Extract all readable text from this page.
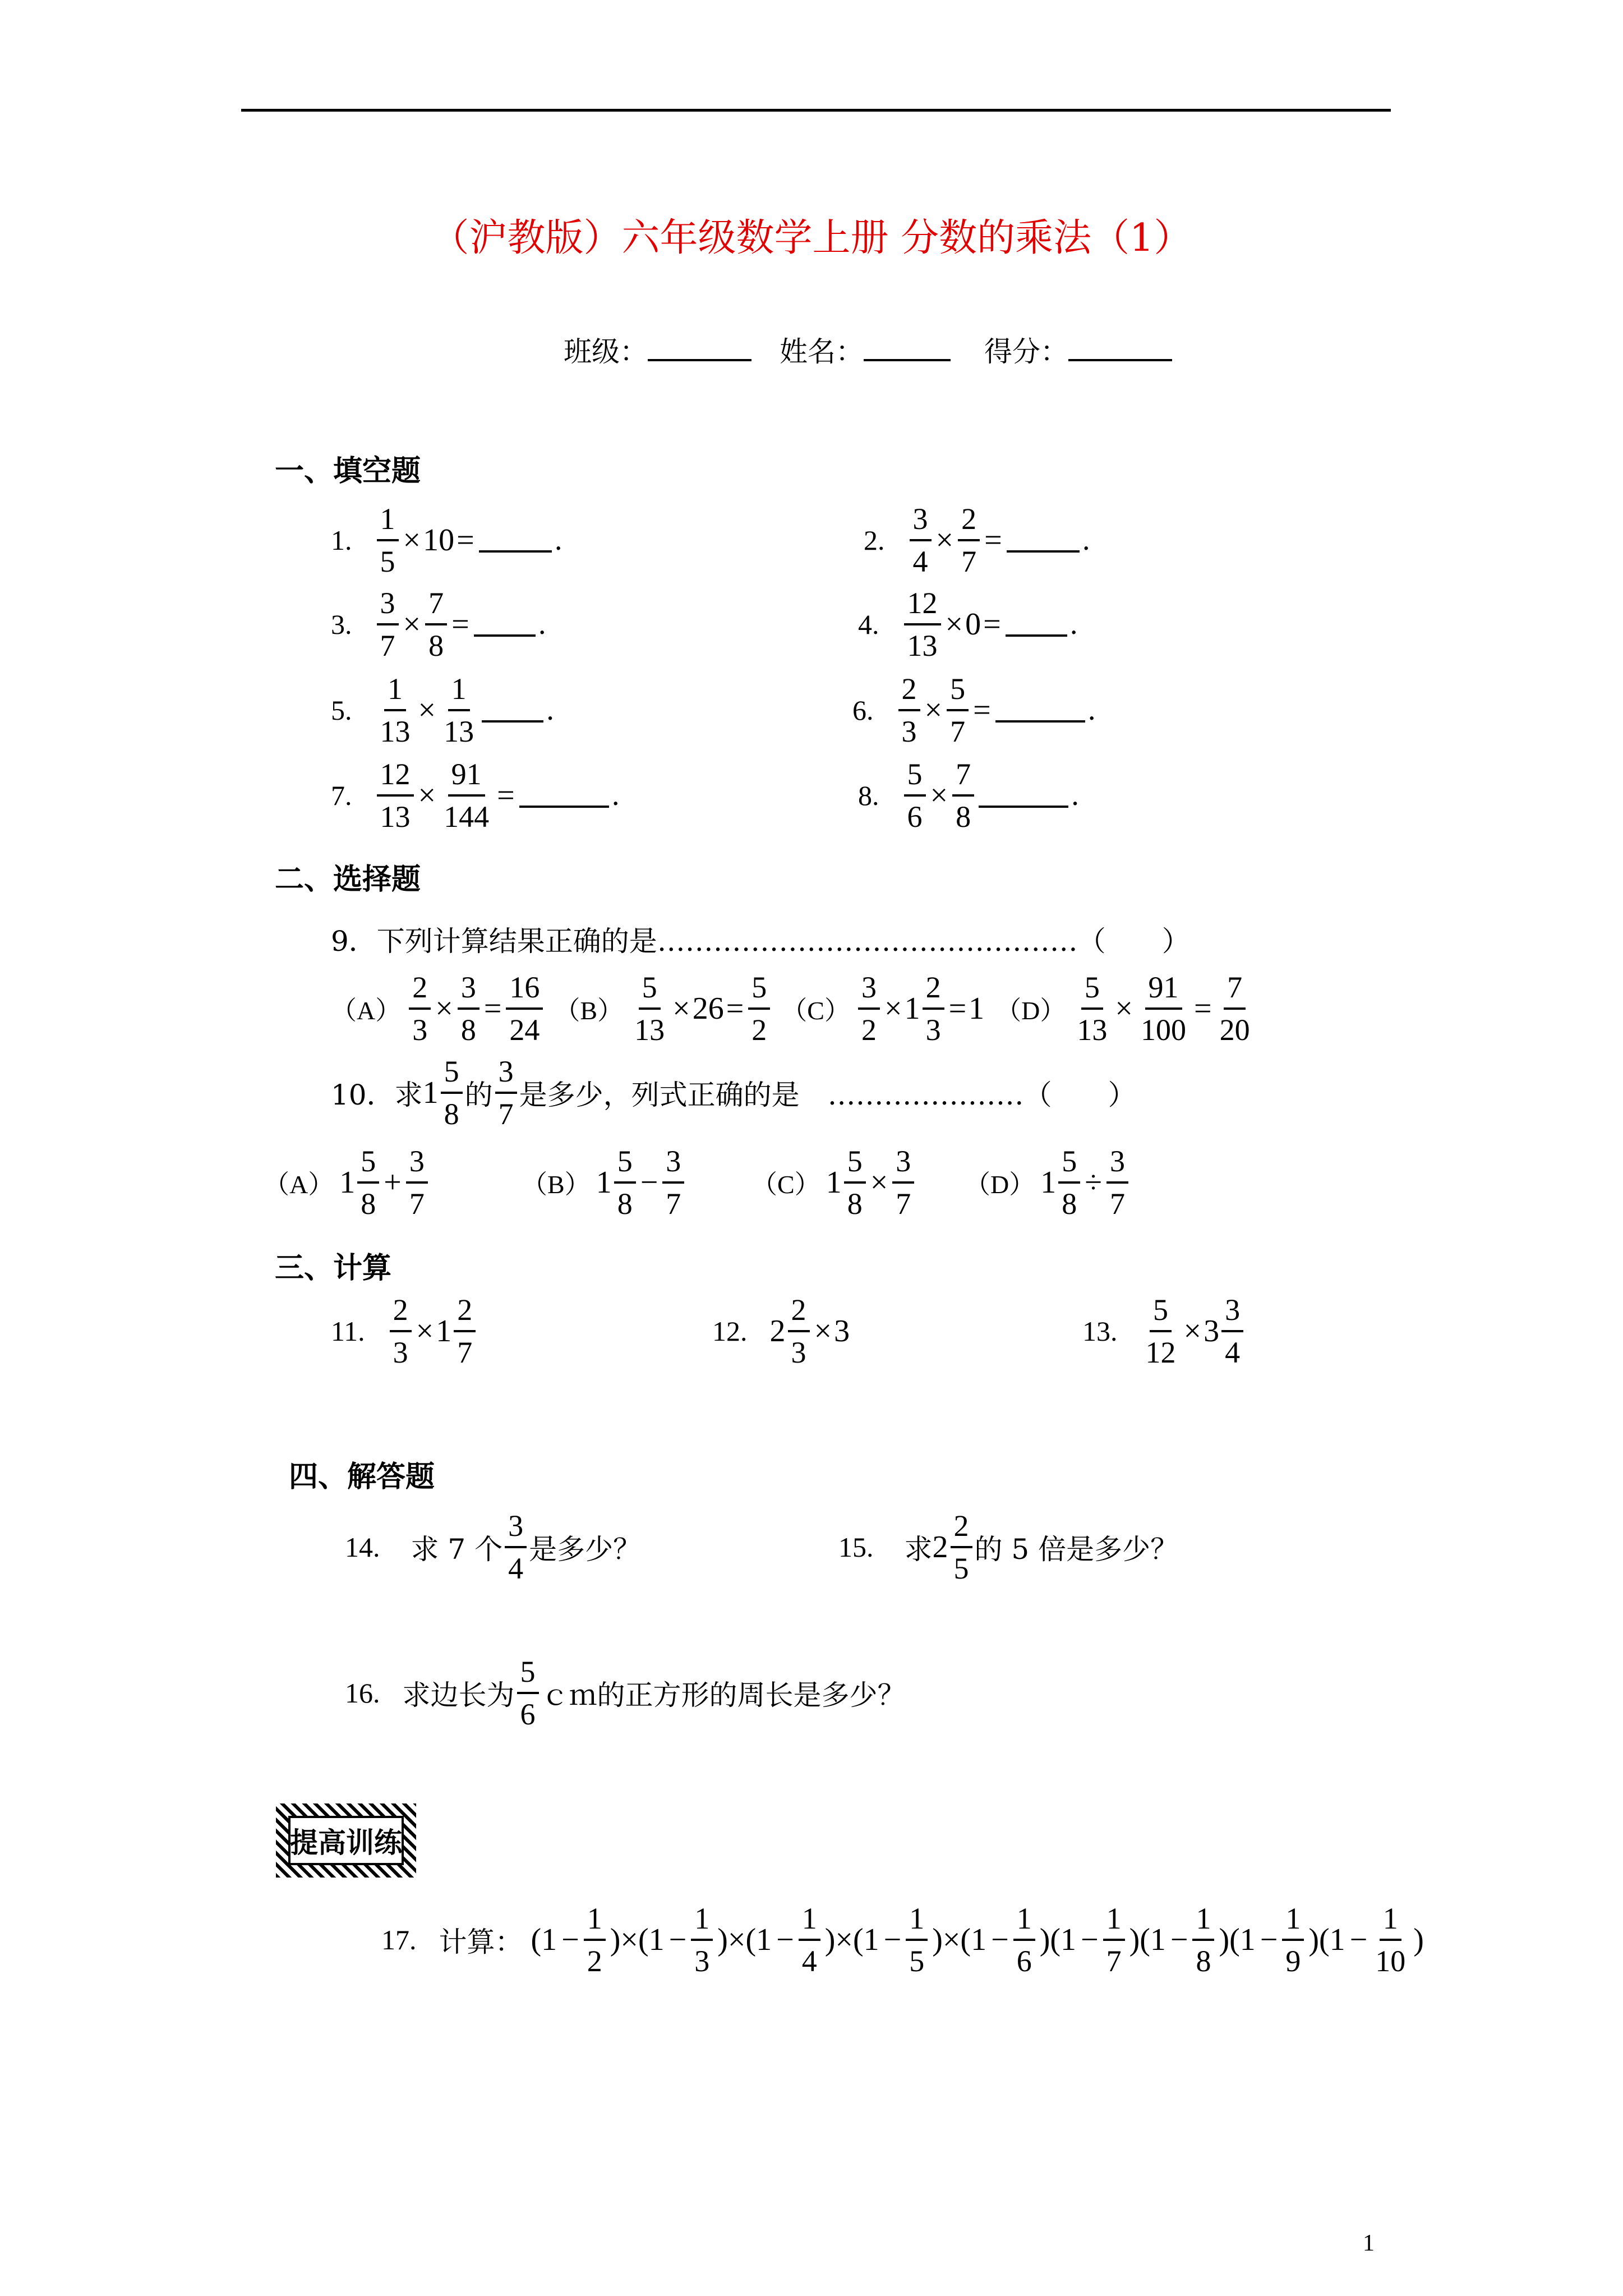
（沪教版）六年级数学上册 分数的乘法（1）
班级：	姓名：	得分：
一、填空题
1. $\frac{1}{5} \times 10$ =	.	2. $\frac{3}{4} \times \frac{2}{7}$ =	.
3. $\frac{3}{7} \times \frac{7}{8}$ = .	4. $\frac{12}{13} \times 0$ = .
5. $\frac{1}{13} \times \frac{1}{13}$ .	6. $\frac{2}{3} \times \frac{5}{7}$ =	.
7. $\frac{12}{13} \times \frac{91}{144}$ =	.	8. $\frac{5}{6} \times \frac{7}{8}$	.
二、选择题
9．下列计算结果正确的是………………………………………（　　）
$(A) \frac{2}{3} \times \frac{3}{8} = \frac{16}{24} (B) \frac{5}{13} \times 26 = \frac{5}{2} (C) \frac{3}{2} \times 1 \frac{2}{3} = 1$ $(D) \frac{5}{13} \times \frac{91}{100} = \frac{7}{20}$
10．求 $1 \frac{5}{8}$ 的 $\frac{3}{7}$ 是多少，列式正确的是　…………………（　　）
（A） $1 \frac{5}{8} + \frac{3}{7}$	（B） $1 \frac{5}{8} - \frac{3}{7}$	（C） $1 \frac{5}{8} \times \frac{3}{7} (D)$ $1 \frac{5}{8} \div \frac{3}{7}$
三、计算
11. $\frac{2}{3} \times 1 \frac{2}{7}$	12. $2 \frac{2}{3} \times 3$	13. $\frac{5}{12} \times 3 \frac{3}{4}$
四、解答题
14. 求 7 个 $\frac{3}{4}$ 是多少？	15. 求 $2 \frac{2}{5}$ 的 5 倍是多少？
16. 求边长为 $\frac{5}{6}$ ｃｍ的正方形的周长是多少？
提高训练
17. 计算： $(1 - \frac{1}{2} )\times(1 - \frac{1}{3} )\times(1 - \frac{1}{4} )\times(1 - \frac{1}{5} )\times(1 - \frac{1}{6} )(1 - \frac{1}{7} )(1 - \frac{1}{8} )(1 - \frac{1}{9} )(1 - \frac{1}{10}$ )
1
